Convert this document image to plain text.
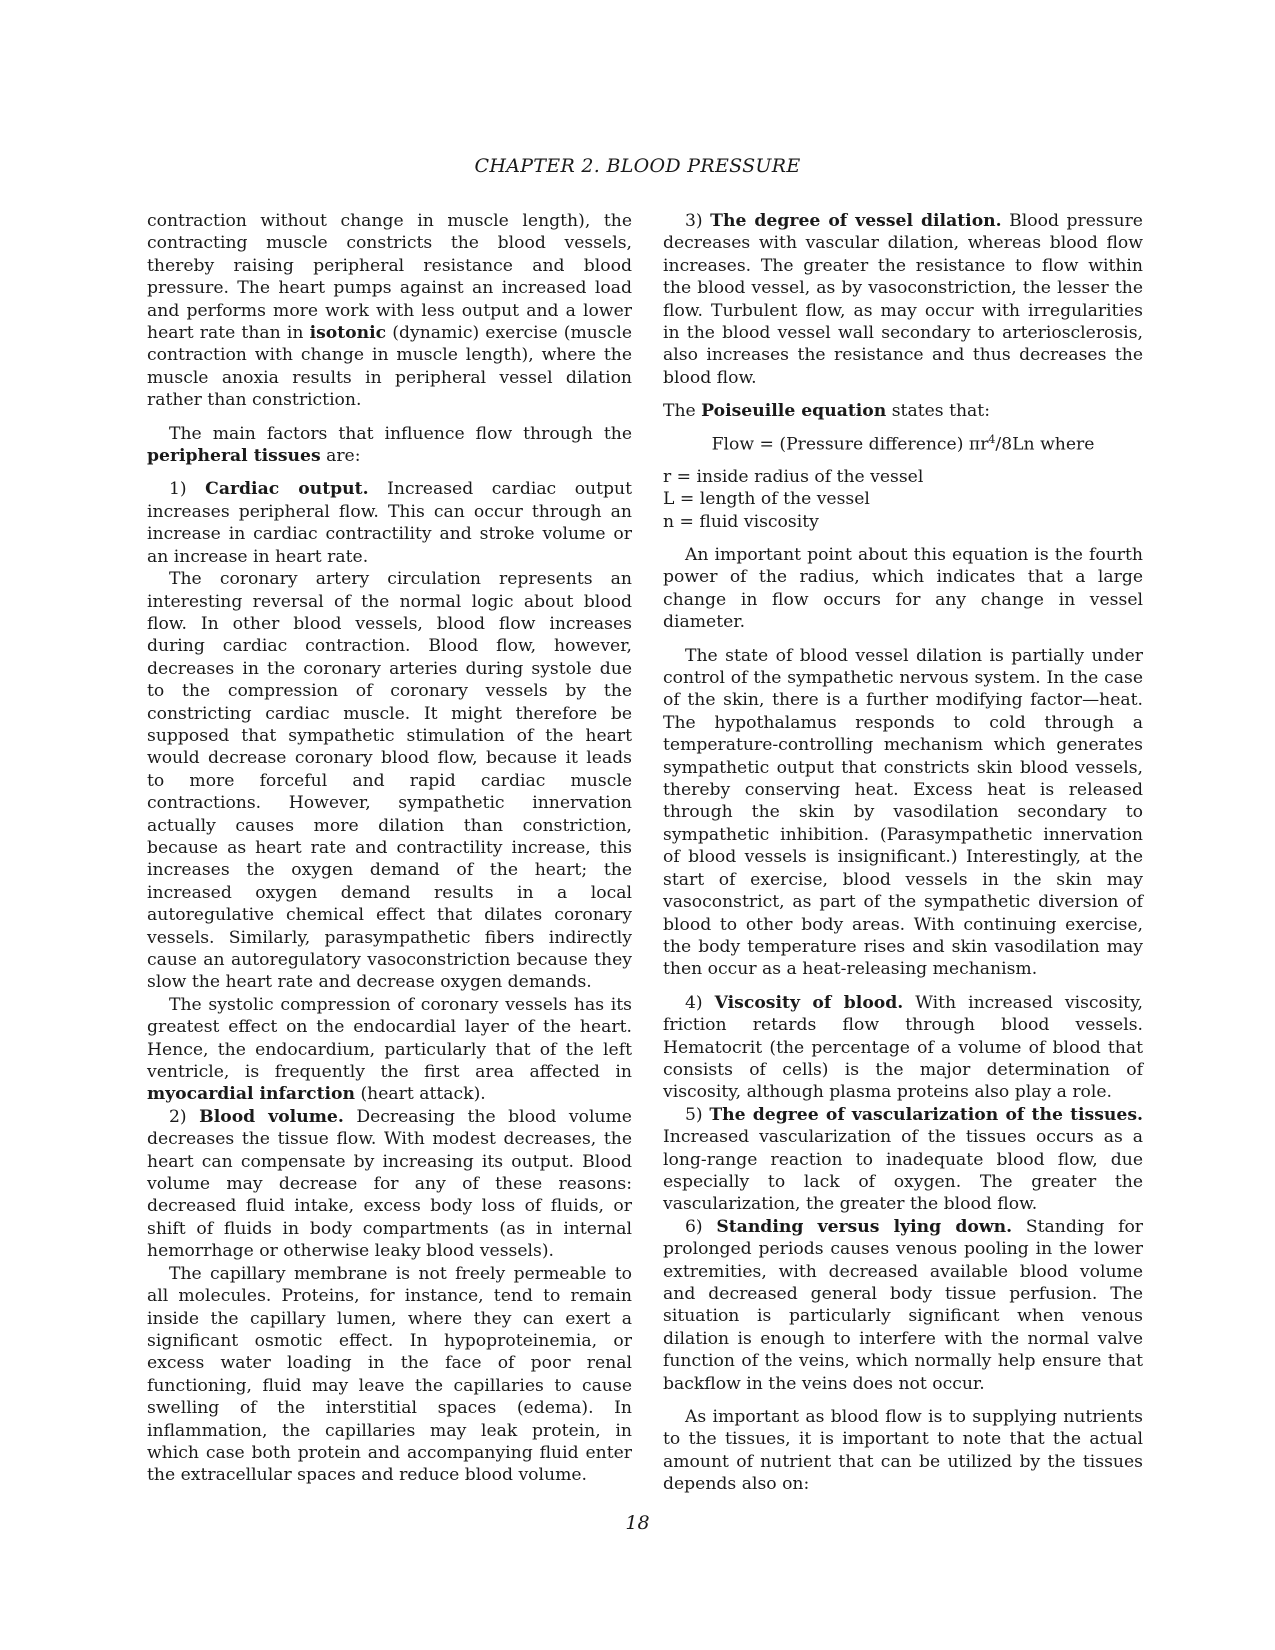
CHAPTER 2. BLOOD PRESSURE

contraction without change in muscle length), the contracting muscle constricts the blood vessels, thereby raising peripheral resistance and blood pressure. The heart pumps against an increased load and performs more work with less output and a lower heart rate than in isotonic (dynamic) exercise (muscle contraction with change in muscle length), where the muscle anoxia results in peripheral vessel dilation rather than constriction.

The main factors that influence flow through the peripheral tissues are:

1) Cardiac output. Increased cardiac output increases peripheral flow. This can occur through an increase in cardiac contractility and stroke volume or an increase in heart rate.

The coronary artery circulation represents an interesting reversal of the normal logic about blood flow. In other blood vessels, blood flow increases during cardiac contraction. Blood flow, however, decreases in the coronary arteries during systole due to the compression of coronary vessels by the constricting cardiac muscle. It might therefore be supposed that sympathetic stimulation of the heart would decrease coronary blood flow, because it leads to more forceful and rapid cardiac muscle contractions. However, sympathetic innervation actually causes more dilation than constriction, because as heart rate and contractility increase, this increases the oxygen demand of the heart; the increased oxygen demand results in a local autoregulative chemical effect that dilates coronary vessels. Similarly, parasympathetic fibers indirectly cause an autoregulatory vasoconstriction because they slow the heart rate and decrease oxygen demands.

The systolic compression of coronary vessels has its greatest effect on the endocardial layer of the heart. Hence, the endocardium, particularly that of the left ventricle, is frequently the first area affected in myocardial infarction (heart attack).

2) Blood volume. Decreasing the blood volume decreases the tissue flow. With modest decreases, the heart can compensate by increasing its output. Blood volume may decrease for any of these reasons: decreased fluid intake, excess body loss of fluids, or shift of fluids in body compartments (as in internal hemorrhage or otherwise leaky blood vessels).

The capillary membrane is not freely permeable to all molecules. Proteins, for instance, tend to remain inside the capillary lumen, where they can exert a significant osmotic effect. In hypoproteinemia, or excess water loading in the face of poor renal functioning, fluid may leave the capillaries to cause swelling of the interstitial spaces (edema). In inflammation, the capillaries may leak protein, in which case both protein and accompanying fluid enter the extracellular spaces and reduce blood volume.

3) The degree of vessel dilation. Blood pressure decreases with vascular dilation, whereas blood flow increases. The greater the resistance to flow within the blood vessel, as by vasoconstriction, the lesser the flow. Turbulent flow, as may occur with irregularities in the blood vessel wall secondary to arteriosclerosis, also increases the resistance and thus decreases the blood flow.

The Poiseuille equation states that:

Flow = (Pressure difference) $\pi r^4/8Ln$ where

r = inside radius of the vessel

L = length of the vessel

n = fluid viscosity

An important point about this equation is the fourth power of the radius, which indicates that a large change in flow occurs for any change in vessel diameter.

The state of blood vessel dilation is partially under control of the sympathetic nervous system. In the case of the skin, there is a further modifying factor—heat. The hypothalamus responds to cold through a temperature-controlling mechanism which generates sympathetic output that constricts skin blood vessels, thereby conserving heat. Excess heat is released through the skin by vasodilation secondary to sympathetic inhibition. (Parasympathetic innervation of blood vessels is insignificant.) Interestingly, at the start of exercise, blood vessels in the skin may vasoconstrict, as part of the sympathetic diversion of blood to other body areas. With continuing exercise, the body temperature rises and skin vasodilation may then occur as a heat-releasing mechanism.

4) Viscosity of blood. With increased viscosity, friction retards flow through blood vessels. Hematocrit (the percentage of a volume of blood that consists of cells) is the major determination of viscosity, although plasma proteins also play a role.

5) The degree of vascularization of the tissues. Increased vascularization of the tissues occurs as a long-range reaction to inadequate blood flow, due especially to lack of oxygen. The greater the vascularization, the greater the blood flow.

6) Standing versus lying down. Standing for prolonged periods causes venous pooling in the lower extremities, with decreased available blood volume and decreased general body tissue perfusion. The situation is particularly significant when venous dilation is enough to interfere with the normal valve function of the veins, which normally help ensure that backflow in the veins does not occur.

As important as blood flow is to supplying nutrients to the tissues, it is important to note that the actual amount of nutrient that can be utilized by the tissues depends also on:

18
